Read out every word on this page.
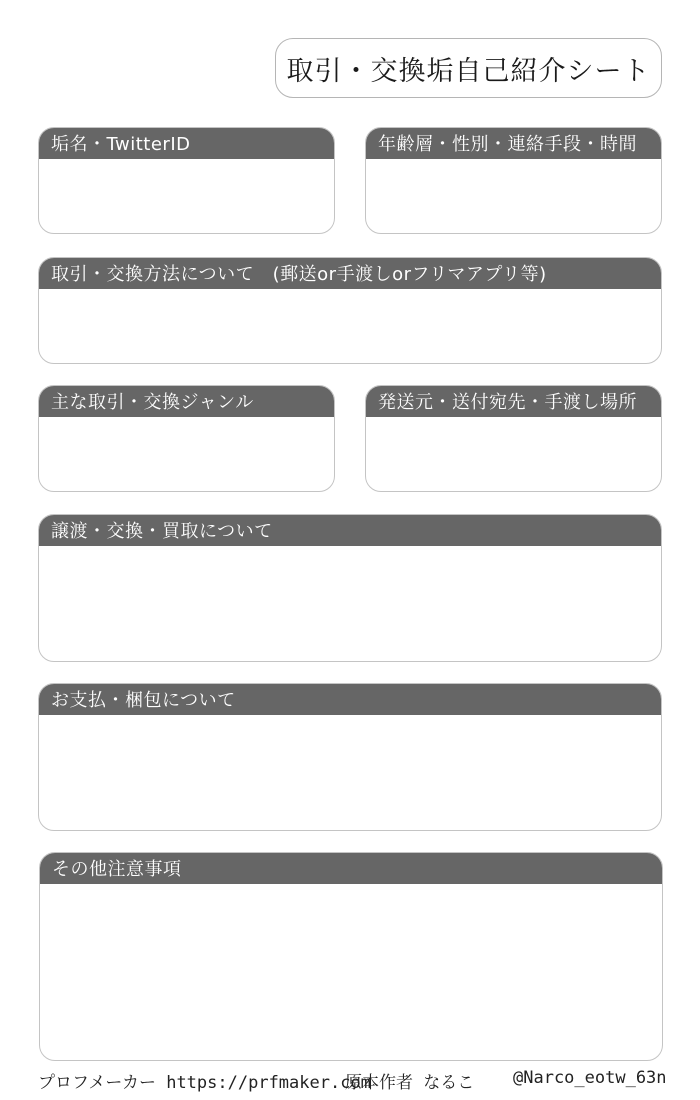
取引・交換垢自己紹介シート
垢名・TwitterID	年齢層・性別・連絡手段・時間
取引・交換方法について　(郵送or手渡しorフリマアプリ等)
主な取引・交換ジャンル	発送元・送付宛先・手渡し場所
譲渡・交換・買取について
お支払・梱包について
その他注意事項
プロフメーカー https://prfmaker.com
原本作者 なるこ @Narco_eotw_63n
